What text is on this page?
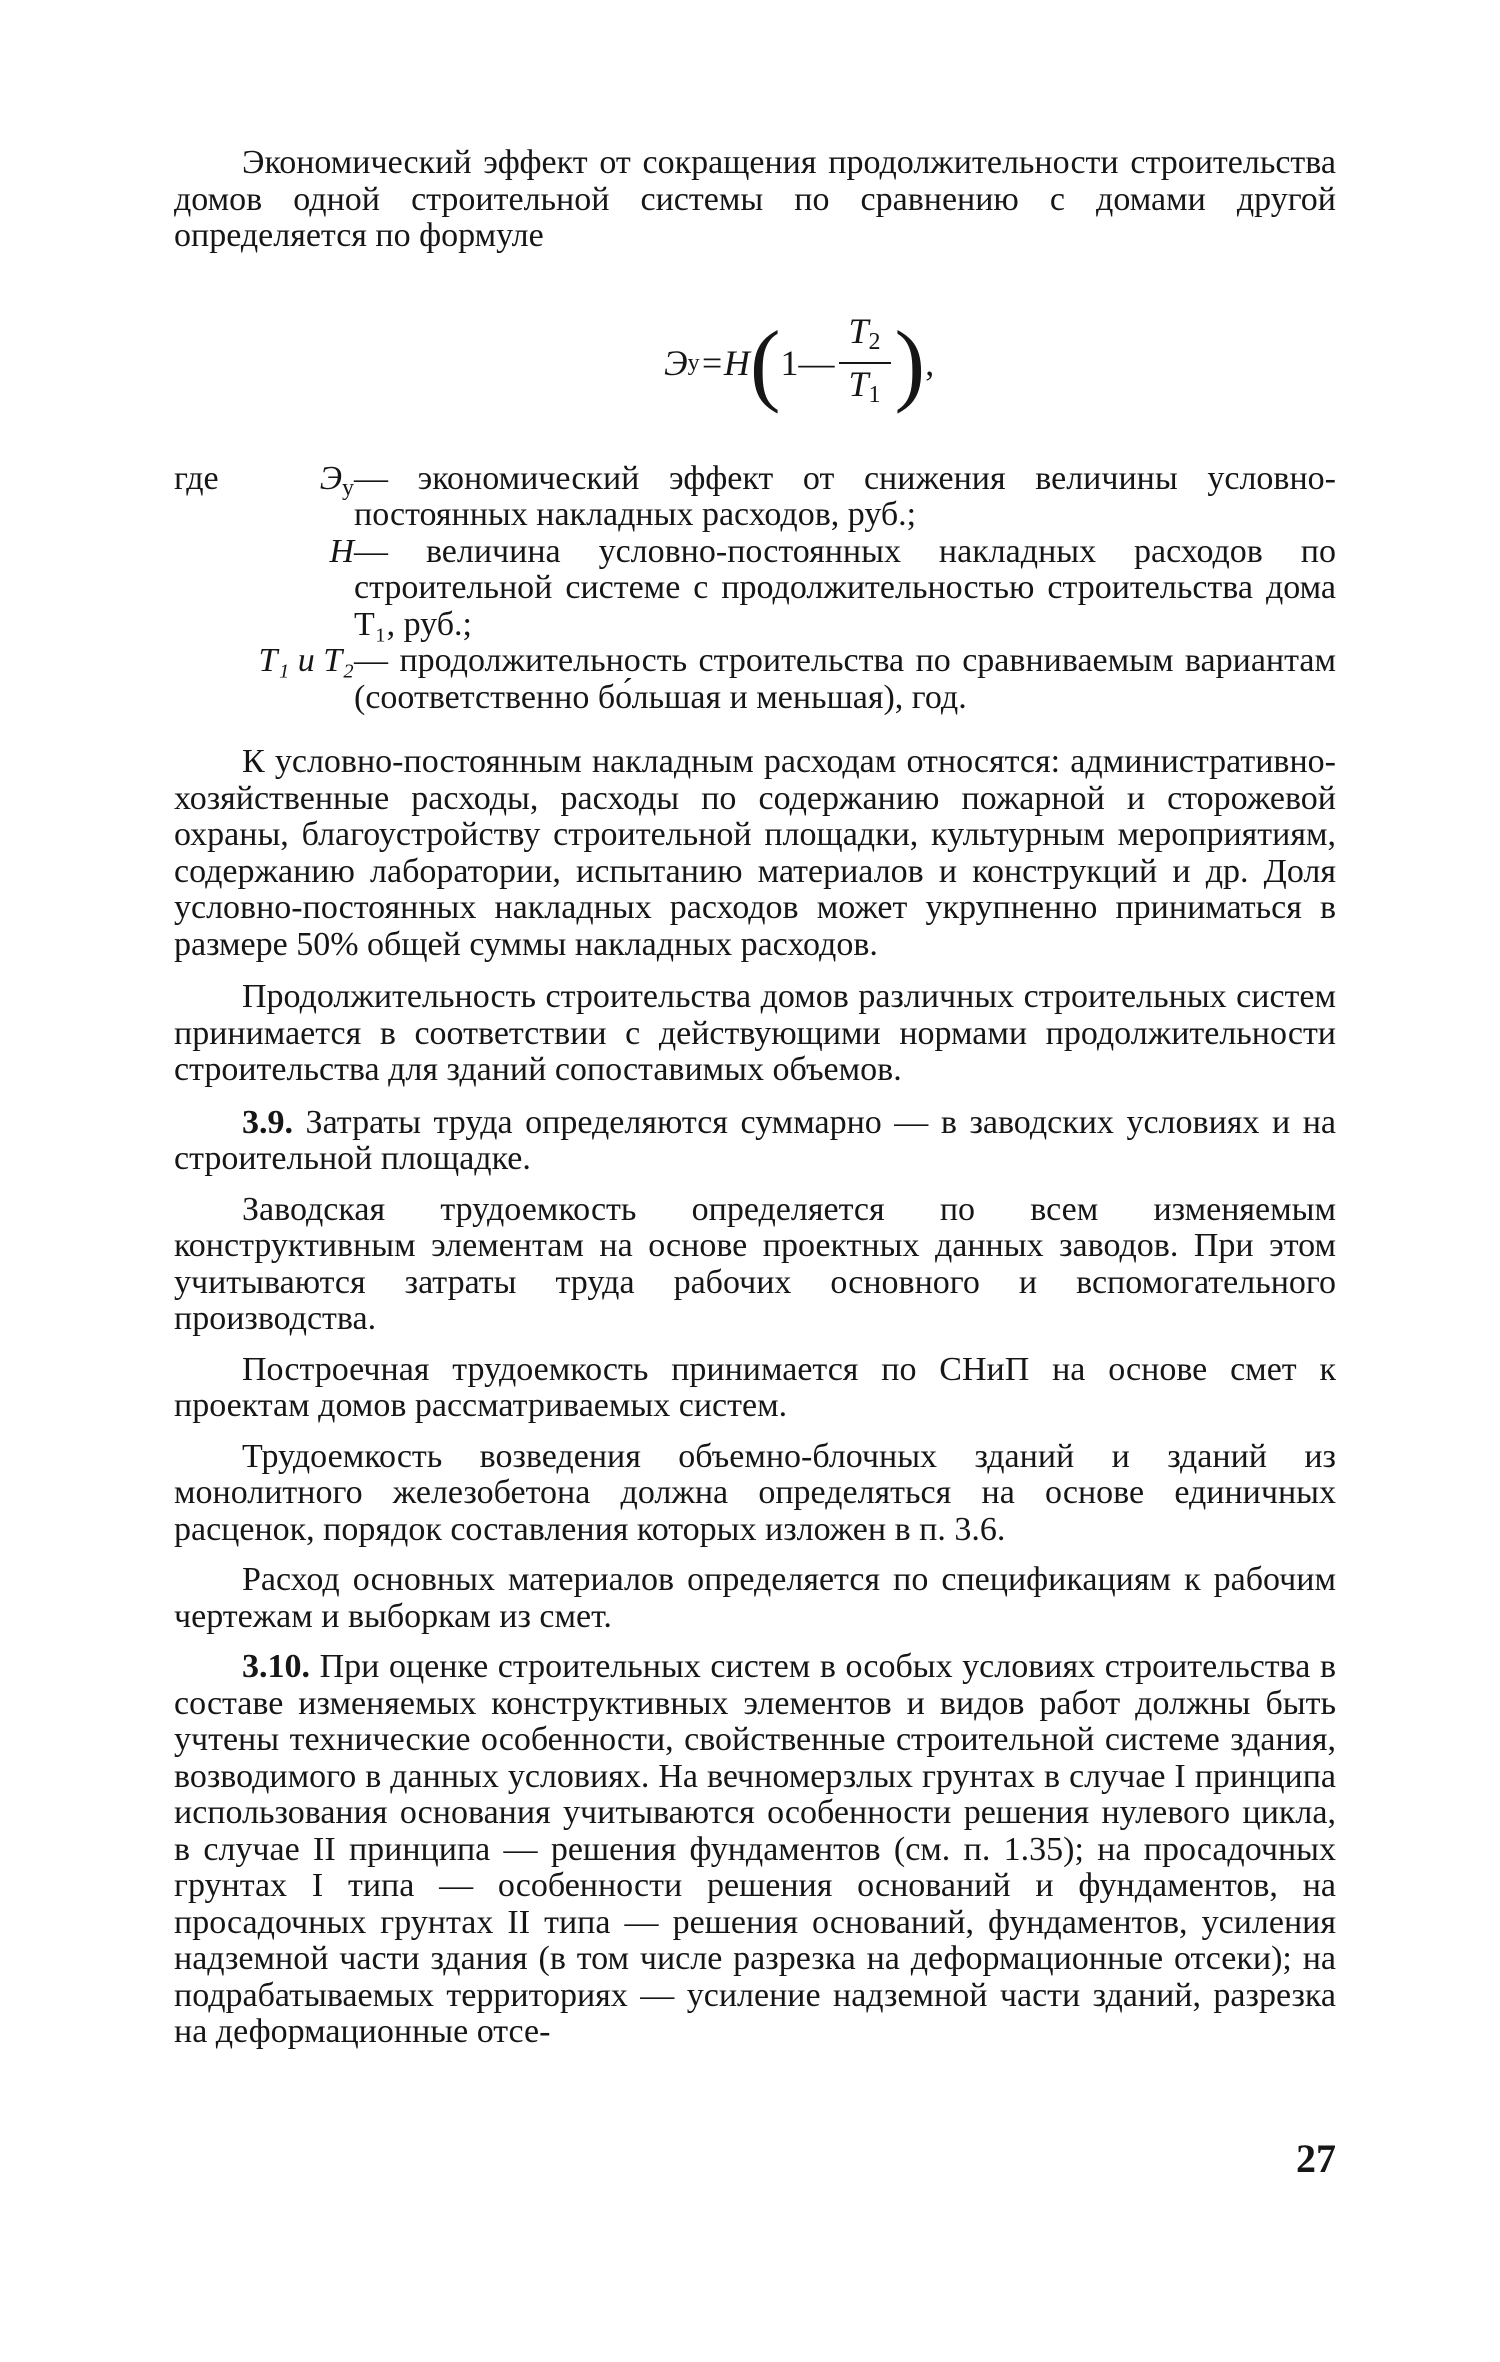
Экономический эффект от сокращения продолжительности строительства домов одной строительной системы по сравнению с домами другой определяется по формуле

Э у = Н ( 1— $\frac{Т_2}{Т_1}$ ) ,
где	$Э_у$ — экономический эффект от снижения величины условно-постоянных накладных расходов, руб.;
Н — величина условно-постоянных накладных расходов по строительной системе с продолжительностью строительства дома Т₁, руб.;
Т₁ и Т₂ — продолжительность строительства по сравниваемым вариантам (соответственно бо́льшая и меньшая), год.

К условно-постоянным накладным расходам относятся: административно-хозяйственные расходы, расходы по содержанию пожарной и сторожевой охраны, благоустройству строительной площадки, культурным мероприятиям, содержанию лаборатории, испытанию материалов и конструкций и др. Доля условно-постоянных накладных расходов может укрупненно приниматься в размере 50% общей суммы накладных расходов.

Продолжительность строительства домов различных строительных систем принимается в соответствии с действующими нормами продолжительности строительства для зданий сопоставимых объемов.

3.9. Затраты труда определяются суммарно — в заводских условиях и на строительной площадке.

Заводская трудоемкость определяется по всем изменяемым конструктивным элементам на основе проектных данных заводов. При этом учитываются затраты труда рабочих основного и вспомогательного производства.

Построечная трудоемкость принимается по СНиП на основе смет к проектам домов рассматриваемых систем.

Трудоемкость возведения объемно-блочных зданий и зданий из монолитного железобетона должна определяться на основе единичных расценок, порядок составления которых изложен в п. 3.6.

Расход основных материалов определяется по спецификациям к рабочим чертежам и выборкам из смет.

3.10. При оценке строительных систем в особых условиях строительства в составе изменяемых конструктивных элементов и видов работ должны быть учтены технические особенности, свойственные строительной системе здания, возводимого в данных условиях. На вечномерзлых грунтах в случае I принципа использования основания учитываются особенности решения нулевого цикла, в случае II принципа — решения фундаментов (см. п. 1.35); на просадочных грунтах I типа — особенности решения оснований и фундаментов, на просадочных грунтах II типа — решения оснований, фундаментов, усиления надземной части здания (в том числе разрезка на деформационные отсеки); на подрабатываемых территориях — усиление надземной части зданий, разрезка на деформационные отсе-

27
